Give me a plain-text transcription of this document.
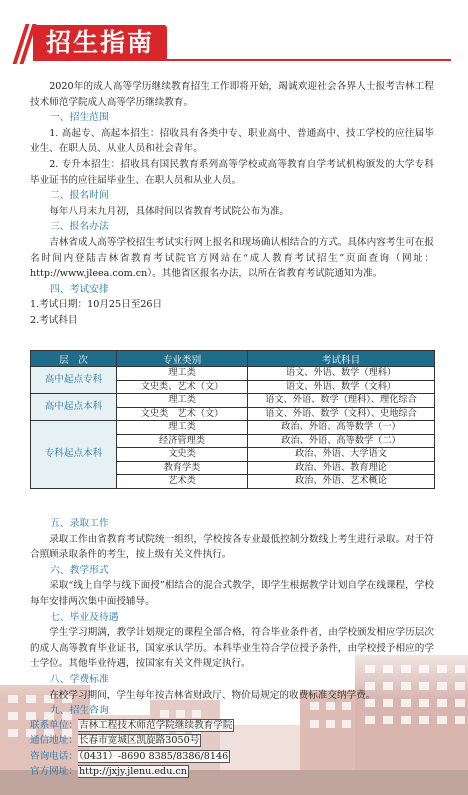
招生指南

2020年的成人高等学历继续教育招生工作即将开始，竭诚欢迎社会各界人士报考吉林工程技术师范学院成人高等学历继续教育。

一、招生范围

1. 高起专、高起本招生：招收具有各类中专、职业高中、普通高中、技工学校的应往届毕业生、在职人员、从业人员和社会青年。

2. 专升本招生：招收具有国民教育系列高等学校或高等教育自学考试机构颁发的大学专科毕业证书的应往届毕业生、在职人员和从业人员。

二、报名时间

每年八月末九月初，具体时间以省教育考试院公布为准。

三、报名办法

吉林省成人高等学校招生考试实行网上报名和现场确认相结合的方式。具体内容考生可在报名时间内登陆吉林省教育考试院官方网站在“成人教育考试招生”页面查询（网址：http://www.jleea.com.cn）。其他省区报名办法，以所在省教育考试院通知为准。

四、考试安排

1.考试日期：10月25日至26日

2.考试科目

层　次	专业类别	考试科目
高中起点专科	理工类	语文、外语、数学（理科）
	文史类、艺术（文）	语文、外语、数学（文科）
高中起点本科	理工类	语文、外语、数学（理科）、理化综合
	文史类　艺术（文）	语文、外语、数学（文科）、史地综合
专科起点本科	理工类	政治、外语、高等数学（一）
	经济管理类	政治、外语、高等数学（二）
	文史类	政治、外语、大学语文
	教育学类	政治、外语、教育理论
	艺术类	政治、外语、艺术概论

五、录取工作

录取工作由省教育考试院统一组织，学校按各专业最低控制分数线上考生进行录取。对于符合照顾录取条件的考生，按上级有关文件执行。

六、教学形式

采取“线上自学与线下面授”相结合的混合式教学，即学生根据教学计划自学在线课程，学校每年安排两次集中面授辅导。

七、毕业及待遇

学生学习期满，教学计划规定的课程全部合格，符合毕业条件者，由学校颁发相应学历层次的成人高等教育毕业证书，国家承认学历。本科毕业生符合学位授予条件，由学校授予相应的学士学位。其他毕业待遇，按国家有关文件规定执行。

八、学费标准

在校学习期间，学生每年按吉林省财政厅、物价局规定的收费标准交纳学费。

九、招生咨询

联系单位：吉林工程技术师范学院继续教育学院
通信地址：长春市宽城区凯旋路3050号
咨询电话：（0431）-8690 8385/8386/8146
官方网址：http://jxjy.jlenu.edu.cn
